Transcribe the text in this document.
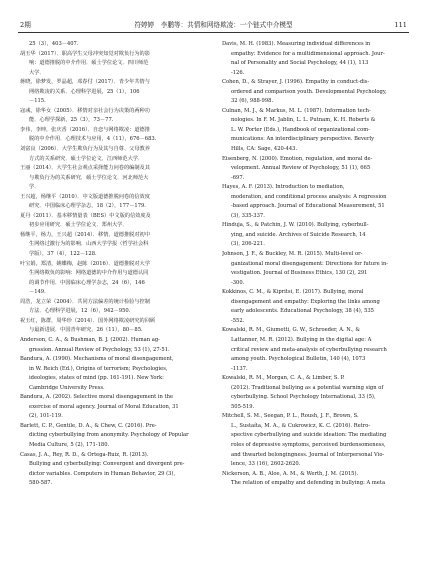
2期	符婷婷　李鹏等：共情和网络欺凌：一个链式中介模型	111
25（3），403－407.
胡玉华（2017）．职高学生父母冲突知觉对欺负行为的影
响：道德推脱的中介作用．硕士学位论文．四川师范
大学．
蒋晓，徐梦发，罗晶超，邓春付（2017）．青少年共情与
网络欺凌的关系．心理科学进展，25（1），106
－115.
寇彧，徐华女（2005）．移情对亲社会行为决策的两种功
能．心理学探新，25（3），73－77.
李伟，李坤，张庆香（2016）．自恋与网络欺凌：道德推
脱的中介作用．心理技术与应用，4（11），676－683.
刘富良（2006）．大学生欺负行为及其与自尊、父母教养
方式的关系研究．硕士学位论文．江西师范大学．
王丽（2014）．大学生社会观点采择能力问卷的编制及其
与欺负行为的关系研究．硕士学位论文．河北师范大
学．
王兴超，杨继平（2010）．中文版道德推脱问卷的信效度
研究．中国临床心理学杂志，18（2），177－179.
夏丹（2011）．基本移情量表（BES）中文版的信效度及
初步应用研究．硕士学位论文．郑州大学．
杨继平，杨力，王兴超（2014）．移情、道德推脱对初中
生网络过激行为的影响．山西大学学报（哲学社会科
学版），37（4），122－128.
叶宝娟，郑清，姚蝶梅，赵陈（2016）．道德推脱对大学
生网络欺负的影响：网络道德的中介作用与道德认同
的调节作用．中国临床心理学杂志，24（6），146
－149.
周浩，龙立荣（2004）．共同方法偏差的统计检验与控制
方法．心理科学进展，12（6），942－950.
祝玉红，陈群，周华珍（2014）．国外网络欺凌研究的回顾
与最新进展．中国青年研究，26（11），80－85.
Anderson, C. A., & Bushman, B. J. (2002). Human ag-
gression. Annual Review of Psychology, 53 (1), 27-51.
Bandura, A. (1990). Mechanisms of moral disengagement,
in W. Reich (Ed.), Origins of terrorism; Psychologies,
ideologies, states of mind (pp. 161-191). New York:
Cambridge University Press.
Bandura, A. (2002). Selective moral disengagement in the
exercise of moral agency. Journal of Moral Education, 31
(2), 101-119.
Barlett, C. P., Gentile, D. A., & Chew, C. (2016). Pre-
dicting cyberbullying from anonymity. Psychology of Popular
Media Culture, 5 (2), 171-180.
Casas, J. A., Rey, R. D., & Ortega-Ruiz, R. (2013).
Bullying and cyberbullying: Convergent and divergent pre-
dictor variables. Computers in Human Behavior, 29 (3),
580-587.
Davis, M. H. (1983). Measuring individual differences in
empathy: Evidence for a multidimensional approach. Jour-
nal of Personality and Social Psychology, 44 (1), 113
-126.
Cohen, D., & Strayer, J. (1996). Empathy in conduct-dis-
ordered and comparison youth. Developmental Psychology,
32 (6), 988-998.
Culnan, M. J., & Markus, M. L. (1987). Information tech-
nologies. In F. M. Jablin, L. L. Putnam, K. H. Roberts &
L. W. Porter (Eds.), Handbook of organizational com-
munications: An interdisciplinary perspective. Beverly
Hills, CA: Sage, 420-443.
Eisenberg, N. (2000). Emotion, regulation, and moral de-
velopment. Annual Review of Psychology, 51 (1), 665
-697.
Hayes, A. F. (2013). Introduction to mediation,
moderation, and conditional process analysis: A regression
-based approach. Journal of Educational Measurement, 51
(3), 335-337.
Hinduja, S., & Patchin, J. W. (2010). Bullying, cyberbull-
ying, and suicide. Archives of Suicide Research, 14
(3), 206-221.
Johnson, J. F., & Buckley, M. R. (2015). Multi-level or-
ganizational moral disengagement: Directions for future in-
vestigation. Journal of Business Ethics, 130 (2), 291
-300.
Kokkinos, C. M., & Kipritsi, E. (2017). Bullying, moral
disengagement and empathy: Exploring the links among
early adolescents. Educational Psychology, 38 (4), 535
-552.
Kowalski, R. M., Giumetti, G. W., Schroeder, A. N., &
Lattanner, M. R. (2012). Bullying in the digital age: A
critical review and meta-analysis of cyberbullying research
among youth. Psychological Bulletin, 140 (4), 1073
-1137.
Kowalski, R. M., Morgan, C. A., & Limber, S. P.
(2012). Traditional bullying as a potential warning sign of
cyberbullying. School Psychology International, 33 (5),
505-519.
Mitchell, S. M., Seegan, P. L., Roush, J. F., Brown, S.
L., Sustaíta, M. A., & Cukrowicz, K. C. (2016). Retro-
spective cyberbullying and suicide ideation: The mediating
roles of depressive symptoms, perceived burdensomeness,
and thwarted belongingness. Journal of Interpersonal Vio-
lence, 33 (16), 2602-2620.
Nickerson, A. B., Aloe, A. M., & Werth, J. M. (2015).
The relation of empathy and defending in bullying: A meta
